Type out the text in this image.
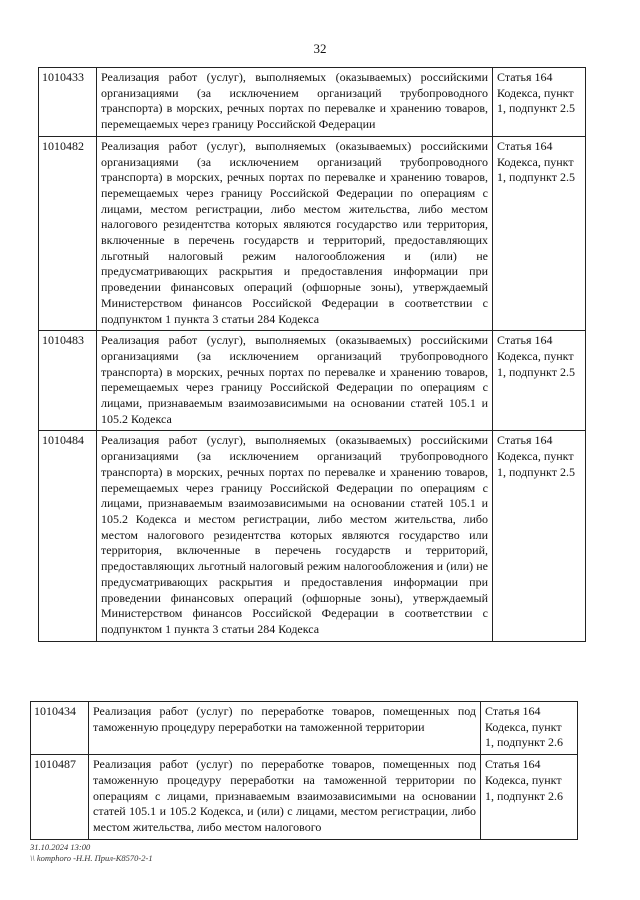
32
1010433	Реализация работ (услуг), выполняемых (оказываемых) российскими организациями (за исключением организаций трубопроводного транспорта) в морских, речных портах по перевалке и хранению товаров, перемещаемых через границу Российской Федерации	Статья 164 Кодекса, пункт 1, подпункт 2.5
1010482	Реализация работ (услуг), выполняемых (оказываемых) российскими организациями (за исключением организаций трубопроводного транспорта) в морских, речных портах по перевалке и хранению товаров, перемещаемых через границу Российской Федерации по операциям с лицами, местом регистрации, либо местом жительства, либо местом налогового резидентства которых являются государство или территория, включенные в перечень государств и территорий, предоставляющих льготный налоговый режим налогообложения и (или) не предусматривающих раскрытия и предоставления информации при проведении финансовых операций (офшорные зоны), утверждаемый Министерством финансов Российской Федерации в соответствии с подпунктом 1 пункта 3 статьи 284 Кодекса	Статья 164 Кодекса, пункт 1, подпункт 2.5
1010483	Реализация работ (услуг), выполняемых (оказываемых) российскими организациями (за исключением организаций трубопроводного транспорта) в морских, речных портах по перевалке и хранению товаров, перемещаемых через границу Российской Федерации по операциям с лицами, признаваемым взаимозависимыми на основании статей 105.1 и 105.2 Кодекса	Статья 164 Кодекса, пункт 1, подпункт 2.5
1010484	Реализация работ (услуг), выполняемых (оказываемых) российскими организациями (за исключением организаций трубопроводного транспорта) в морских, речных портах по перевалке и хранению товаров, перемещаемых через границу Российской Федерации по операциям с лицами, признаваемым взаимозависимыми на основании статей 105.1 и 105.2 Кодекса и местом регистрации, либо местом жительства, либо местом налогового резидентства которых являются государство или территория, включенные в перечень государств и территорий, предоставляющих льготный налоговый режим налогообложения и (или) не предусматривающих раскрытия и предоставления информации при проведении финансовых операций (офшорные зоны), утверждаемый Министерством финансов Российской Федерации в соответствии с подпунктом 1 пункта 3 статьи 284 Кодекса	Статья 164 Кодекса, пункт 1, подпункт 2.5
1010434	Реализация работ (услуг) по переработке товаров, помещенных под таможенную процедуру переработки на таможенной территории	Статья 164 Кодекса, пункт 1, подпункт 2.6
1010487	Реализация работ (услуг) по переработке товаров, помещенных под таможенную процедуру переработки на таможенной территории по операциям с лицами, признаваемым взаимозависимыми на основании статей 105.1 и 105.2 Кодекса, и (или) с лицами, местом регистрации, либо местом жительства, либо местом налогового	Статья 164 Кодекса, пункт 1, подпункт 2.6
31.10.2024 13:00
\\ komphoro -Н.Н. Прил-К8570-2-1
